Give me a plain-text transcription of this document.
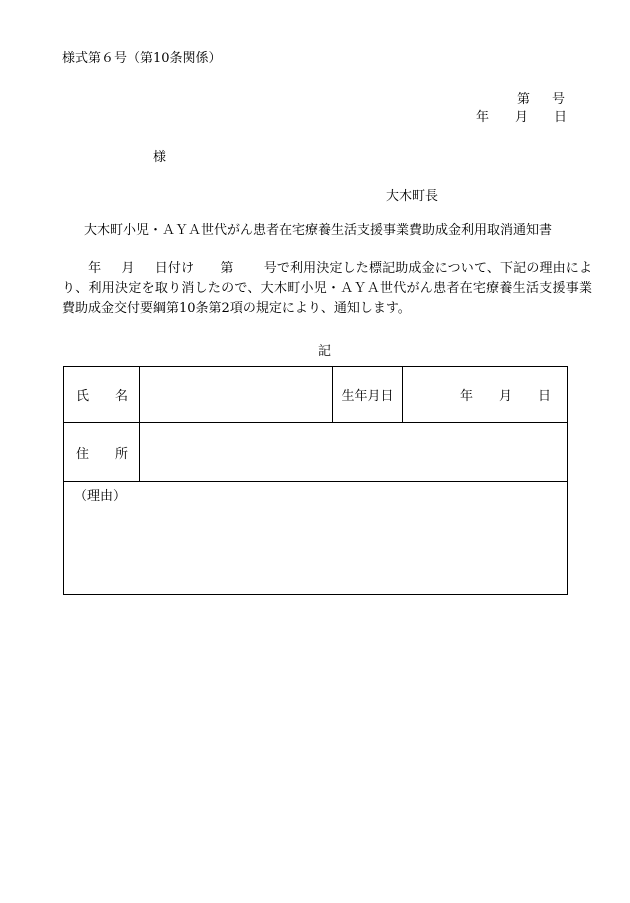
様式第６号（第10条関係）
第 号
年 月 日
様
大木町長
大木町小児・ＡＹＡ世代がん患者在宅療養生活支援事業費助成金利用取消通知書
年 月 日付け 第 号で利用決定した標記助成金について、下記の理由により、利用決定を取り消したので、大木町小児・ＡＹＡ世代がん患者在宅療養生活支援事業費助成金交付要綱第10条第2項の規定により、通知します。
記
氏 名		生年月日	年 月 日
住 所			
（理由）			
